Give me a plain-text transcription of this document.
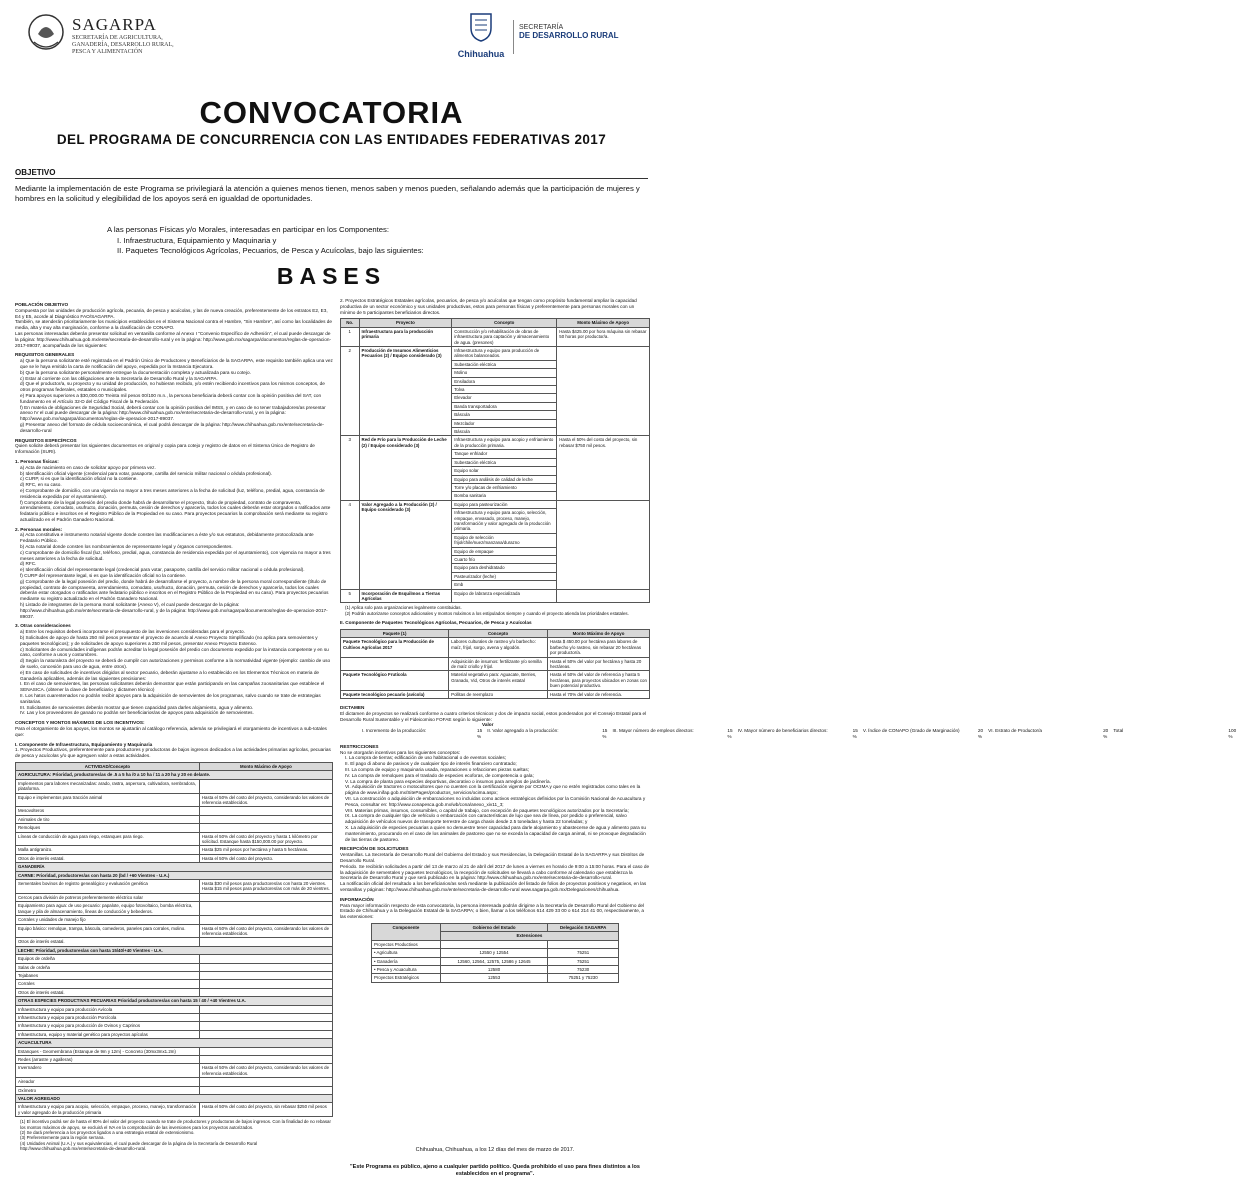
SAGARPA
SECRETARÍA DE AGRICULTURA,
GANADERÍA, DESARROLLO RURAL,
PESCA Y ALIMENTACIÓN	Chihuahua
SECRETARÍA
DE DESARROLLO RURAL
CONVOCATORIA
DEL PROGRAMA DE CONCURRENCIA CON LAS ENTIDADES FEDERATIVAS 2017
OBJETIVO
Mediante la implementación de este Programa se privilegiará la atención a quienes menos tienen, menos saben y menos pueden, señalando además que la participación de mujeres y hombres en la solicitud y elegibilidad de los apoyos será en igualdad de oportunidades.
A las personas Físicas y/o Morales, interesadas en participar en los Componentes:
I. Infraestructura, Equipamiento y Maquinaria y
II. Paquetes Tecnológicos Agrícolas, Pecuarios, de Pesca y Acuícolas, bajo las siguientes:
BASES
POBLACIÓN OBJETIVO
Compuesta por las unidades de producción agrícola, pecuaria, de pesca y acuícolas, y las de nueva creación, preferentemente de los estratos E2, E3, E4 y E5, acorde al Diagnóstico FAO/SAGARPA.
También, se atenderán prioritariamente los municipios establecidos en el Sistema Nacional contra el Hambre, "Sin Hambre", así como las localidades de media, alta y muy alta marginación, conforme a la clasificación de CONAPO.
Las personas interesadas deberán presentar solicitud en ventanilla conforme al Anexo I "Convenio Específico de Adhesión", el cual puede descargar de la página: http://www.chihuahua.gob.mx/ente/secretaria-de-desarrollo-rural y en la página: http://www.gob.mx/sagarpa/documentos/reglas-de-operacion-2017-89037, acompañada de los siguientes:
REQUISITOS GENERALES
a) Que la persona solicitante esté registrada en el Padrón Único de Productores y Beneficiarios de la SAGARPA, este requisito también aplica una vez que se le haya emitido la carta de notificación del apoyo, expedida por la Instancia Ejecutora.
b) Que la persona solicitante personalmente entregue la documentación completa y actualizada para su cotejo.
c) Estar al corriente con las obligaciones ante la Secretaría de Desarrollo Rural y la SAGARPA.
d) Que el productor/a, su proyecto y su unidad de producción, no hubieran recibido, y/o estén recibiendo incentivos para los mismos conceptos, de otros programas federales, estatales o municipales.
e) Para apoyos superiores a $30,000.00 Treinta mil pesos 00/100 m.n., la persona beneficiaria deberá contar con la opinión positiva del SAT, con fundamento en el Artículo 32-D del Código Fiscal de la Federación.
f) En materia de obligaciones de Seguridad Social, deberá contar con la opinión positiva del IMSS, y en caso de no tener trabajadores/as presentar anexo IV el cual puede descargar de la página: http://www.chihuahua.gob.mx/ente/secretaria-de-desarrollo-rural, y en la página: http://www.gob.mx/sagarpa/documentos/reglas-de-operacion-2017-89037.
g) Presentar anexo del formato de cédula socioeconómica, el cual podrá descargar de la página: http://www.chihuahua.gob.mx/ente/secretaria-de-desarrollo-rural
REQUISITOS ESPECÍFICOS
Quien solicite deberá presentar los siguientes documentos en original y copia para cotejo y registro de datos en el Sistema Único de Registro de Información (SURI).
1. Personas físicas:
a) Acta de nacimiento en caso de solicitar apoyo por primera vez.
b) Identificación oficial vigente (credencial para votar, pasaporte, cartilla del servicio militar nacional o cédula profesional).
c) CURP, si es que la identificación oficial no la contiene.
d) RFC, en su caso.
e) Comprobante de domicilio, con una vigencia no mayor a tres meses anteriores a la fecha de solicitud (luz, teléfono, predial, agua, constancia de residencia expedida por el ayuntamiento).
f) Comprobante de la legal posesión del predio donde habrá de desarrollarse el proyecto, título de propiedad, contrato de compraventa, arrendamiento, comodato, usufructo, donación, permuta, cesión de derechos y aparcería, todos los cuales deberán estar otorgados o ratificados ante fedatario público e inscritos en el Registro Público de la Propiedad en su caso. Para proyectos pecuarios la comprobación será mediante su registro actualizado en el Padrón Ganadero Nacional.
2. Personas morales:
a) Acta constitutiva e instrumento notarial vigente donde consten las modificaciones a éste y/o sus estatutos, debidamente protocolizada ante Fedatario Público.
b) Acta notarial donde consten los nombramientos de representante legal y órganos correspondientes.
c) Comprobante de domicilio fiscal (luz, teléfono, predial, agua, constancia de residencia expedida por el ayuntamiento), con vigencia no mayor a tres meses anteriores a la fecha de solicitud.
d) RFC.
e) Identificación oficial del representante legal (credencial para votar, pasaporte, cartilla del servicio militar nacional o cédula profesional).
f) CURP del representante legal, si es que la identificación oficial no la contiene.
g) Comprobante de la legal posesión del predio, donde habrá de desarrollarse el proyecto, a nombre de la persona moral correspondiente (título de propiedad, contrato de compraventa, arrendamiento, comodato, usufructo, donación, permuta, cesión de derechos y aparcería, todos los cuales deberán estar otorgados o ratificados ante fedatario público e inscritos en el Registro Público de la Propiedad en su caso). Para proyectos pecuarios mediante su registro actualizado en el Padrón Ganadero Nacional.
h) Listado de integrantes de la persona moral solicitante (Anexo V), el cual puede descargar de la página: http://www.chihuahua.gob.mx/ente/secretaria-de-desarrollo-rural, y de la página: http://www.gob.mx/sagarpa/documentos/reglas-de-operacion-2017-89037.
3. Otras consideraciones
a) Entre los requisitos deberá incorporarse el presupuesto de las inversiones consideradas para el proyecto.
b) Solicitudes de apoyo de hasta 250 mil pesos presentar el proyecto de acuerdo al Anexo Proyecto Simplificado (no aplica para semovientes y paquetes tecnológicos); y de solicitudes de apoyo superiores a 250 mil pesos, presentar Anexo Proyecto Extenso.
c) Solicitantes de comunidades indígenas podrán acreditar la legal posesión del predio con documento expedido por la instancia competente y en su caso, conforme a usos y costumbres.
d) Según la naturaleza del proyecto se deberá de cumplir con autorizaciones y permisos conforme a la normatividad vigente (ejemplo: cambio de uso de suelo, concesión para uso de agua, entre otros).
e) En caso de solicitudes de incentivos dirigidos al sector pecuario, deberán ajustarse a lo establecido en los Elementos Técnicos en materia de Ganadería aplicables, además de las siguientes precisiones:
I. En el caso de semovientes, las personas solicitantes deberán demostrar que están participando en las campañas zoosanitarias que establece el SENASICA. (obtener la clave de beneficiario y dictamen técnico)
II. Los hatos cuarentenados no podrán recibir apoyos para la adquisición de semovientes de los programas, salvo cuando se trate de estrategias sanitarias.
III. Solicitantes de semovientes deberán mostrar que tienen capacidad para darles alojamiento, agua y alimento.
IV. Las y los proveedores de ganado no podrán ser beneficiarios/as de apoyos para adquisición de semovientes.
CONCEPTOS Y MONTOS MÁXIMOS DE LOS INCENTIVOS:
Para el otorgamiento de los apoyos, los montos se ajustarán al catálogo referencia, además se privilegiará el otorgamiento de incentivos a sub-totales que:
I. Componente de Infraestructura, Equipamiento y Maquinaria
1. Proyectos Productivos, preferentemente para productores y productoras de bajos ingresos dedicados a las actividades primarias agrícolas, pecuarias de pesca y acuícolas y/o que agreguen valor a estas actividades.
ACTIVIDAD/Concepto	Monto Máximo de Apoyo
AGRICULTURA: Prioridad, productores/as de .5 a 5 ha /0 a 10 ha / 11 a 20 ha y 20 en delante.	
Implementos para labores mecanizadas: arado, rastra, aspersora, cultivadora, sembradora, plataforma.	
Equipo e implementos para tracción animal	Hasta el 50% del costo del proyecto, considerando los valores de referencia establecidos.
Mesovolteros	
Animales de tiro	
Remolques	
Líneas de conducción de agua para riego, estanques para riego.	Hasta el 50% del costo del proyecto y hasta 1 kilómetro por solicitud. Estanque hasta $150,000.00 por proyecto.
Malla antigranizo.	Hasta $25 mil pesos por hectárea y hasta 5 hectáreas.
Otros de interés estatal.	Hasta el 50% del costo del proyecto.
GANADERÍA	
CARNE: Prioridad, productores/as con hasta 20 (bd / +60 Vientres - U.A.)	
Sementales bovinos de registro genealógico y evaluación genética	Hasta $30 mil pesos para productores/as con hasta 20 vientres. Hasta $15 mil pesos para productores/as con más de 20 vientres.
Cercos para división de potreros preferentemente eléctrico solar	
Equipamiento para agua: de uso pecuario: papalote, equipo fotovoltaico, bomba eléctrica, tanque y pila de almacenamiento, líneas de conducción y bebederos.	
Corrales y unidades de manejo fijo	
Equipo básico: remolque, trampa, báscula, comederos, paneles para corrales, molino.	Hasta el 50% del costo del proyecto, considerando los valores de referencia establecidos.
Otros de interés estatal.	
LECHE: Prioridad, productores/as con hasta 15/40/+40 Vientres - U.A.	
Equipos de ordeña	
Salas de ordeña	
Tejabanes	
Corrales	
Otros de interés estatal.	
OTRAS ESPECIES PRODUCTIVAS PECUARIAS Prioridad productores/as con hasta 15 / 40 / +40 Vientres U.A.	
Infraestructura y equipo para producción Avícola	
Infraestructura y equipo para producción Porcícola	
Infraestructura y equipo para producción de Ovinos y Caprinos	
Infraestructura, equipo y material genético para proyectos apícolas	
ACUACULTURA	
Estanques - Geomembrana (Estanque de 9m y 12m) - Concreto (30mx3mx1.2m)	
Redes (arrastre y agalleras)	
Invernadero	Hasta el 50% del costo del proyecto, considerando los valores de referencia establecidos.
Aireador	
Oxímetro	
VALOR AGREGADO	
Infraestructura y equipo para acopio, selección, empaque, proceso, manejo, transformación y valor agregado de la producción primaria	Hasta el 50% del costo del proyecto, sin rebasar $250 mil pesos
(1) El incentivo podrá ser de hasta el 80% del valor del proyecto cuando se trate de productores y productoras de bajos ingresos. Con la finalidad de no rebasar los montos máximos de apoyo, se excluirá el IVA en la comprobación de las inversiones para los proyectos autorizados.
(2) Se dará preferencia a los proyectos ligados a una estrategia estatal de extensionismo.
(3) Preferentemente para la región serrana.
(4) Unidades Animal (U.A.) y sus equivalencias, el cual puede descargar de la página de la Secretaría de Desarrollo Rural http://www.chihuahua.gob.mx/ente/secretaria-de-desarrollo-rural.
2. Proyectos Estratégicos Estatales agrícolas, pecuarios, de pesca y/o acuícolas que tengan como propósito fundamental ampliar la capacidad productiva de un sector económico y sus unidades productivas, estos para personas físicas y preferentemente para personas morales con un mínimo de 5 participantes beneficiarios directos.
No.	Proyecto	Concepto	Monto Máximo de Apoyo
1	Infraestructura para la producción primaria	Construcción y/o rehabilitación de obras de infraestructura para captación y almacenamiento de agua. (presones)	Hasta $425.00 por hora máquina sin rebasar 50 horas por productor/a.
2	Producción de Insumos Alimenticios Pecuarios (2) / Equipo considerado (3)	Infraestructura y equipo para producción de alimentos balanceados.	
		Subestación eléctrica	
		Molino	
		Ensiladora	
		Tolva	
		Elevador	
		Banda transportadora	
		Báscula	
		Mezclador	
		Báscula	
3	Red de Frío para la Producción de Leche (2) / Equipo considerado (3)	Infraestructura y equipo para acopio y enfriamiento de la producción primaria.	Hasta el 50% del costo del proyecto, sin rebasar $750 mil pesos.
		Tanque enfriador	
		Subestación eléctrica	
		Equipo solar	
		Equipo para análisis de calidad de leche	
		Torre y/o placas de enfriamiento	
		Bomba sanitaria	
4	Valor Agregado a la Producción (2) / Equipo considerado (3)	Equipo para pasteurización	
		Infraestructura y equipo para acopio, selección, empaque, envasado, proceso, manejo, transformación y valor agregado de la producción primaria.	
		Equipo de selección frijol/chile/nuez/manzana/durazno	
		Equipo de empaque	
		Cuarto frío	
		Equipo para deshidratado	
		Pasteurizador (leche)	
		Emb	
5	Incorporación de Esquilmos a Tierras Agrícolas	Equipo de labranza especializada	
(1) Aplica solo para organizaciones legalmente constituidas.
(2) Podrán autorizarse conceptos adicionales y montos máximos a los estipulados siempre y cuando el proyecto atienda las prioridades estatales.
II. Componente de Paquetes Tecnológicos Agrícolas, Pecuarios, de Pesca y Acuícolas
Paquete (1)	Concepto	Monto Máximo de Apoyo
Paquete Tecnológico para la Producción de Cultivos Agrícolas 2017	Labores culturales de rastreo y/o barbecho: maíz, frijol, sorgo, avena y algodón.	Hasta $ 450.00 por hectárea para labores de barbecho y/o rastreo, sin rebasar 20 hectáreas por productor/a.
	Adquisición de insumos: fertilizante y/o semilla de maíz criollo y frijol.	Hasta el 50% del valor por hectárea y hasta 20 hectáreas.
Paquete Tecnológico Frutícola	Material vegetativo para: Aguacate, Berries, Granado, Vid, Otros de interés estatal	Hasta el 50% del valor de referencia y hasta 5 hectáreas, para proyectos ubicados en zonas con buen potencial productivo.
Paquete tecnológico pecuario (avícola)	Pollitas de reemplazo	Hasta el 70% del valor de referencia.
DICTAMEN
El dictamen de proyectos se realizará conforme a cuatro criterios técnicos y dos de impacto social, estos ponderados por el Consejo Estatal para el Desarrollo Rural Sustentable y el Fideicomiso FOFAE según lo siguiente:
Valor
I. Incremento de la producción:	15 %
II. Valor agregado a la producción:	15 %
III. Mayor número de empleos directos:	15 %
IV. Mayor número de beneficiarios directos:	15 %
V. Índice de CONAPO (Grado de Marginación)	20 %
VI. Estrato de Productor/a	20 %
Total	100 %
RESTRICCIONES
No se otorgarán incentivos para los siguientes conceptos:
I. La compra de tierras; edificación de uso habitacional o de eventos sociales;
II. El pago di abono de pasivos y de cualquier tipo de interés financiero contratado;
III. La compra de equipo y maquinaria usada, reparaciones o refacciones piezas sueltas;
IV. La compra de remolques para el traslado de especies ecoforas, de competencia o gala;
V. La compra de planta para especies deportivas, decorativo o insumos para arreglos de jardinería.
VI. Adquisición de tractores o motocultores que no cuenten con la certificación vigente por OCIMA y que no estén registrados como tales en la página de www.inifap.gob.mx/SitePages/productos_servicios/ocima.aspx;
VII. La construcción o adquisición de embarcaciones no incluidas como activos estratégicos definidos por la Comisión Nacional de Acuacultura y Pesca, consultar en: http://www.conapesca.gob.mx/wb/cona/anexo_xiv11_3;
VIII. Materias primas, insumos, consumibles, o capital de trabajo, con excepción de paquetes tecnológicos autorizados por la Secretaría;
IX. La compra de cualquier tipo de vehículo o embarcación con características de lujo que sea de línea, por pedido o preferencial, salvo adquisición de vehículos nuevos de transporte terrestre de carga chasis desde 2.5 toneladas y hasta 22 toneladas; y
X. La adquisición de especies pecuarias a quien no demuestre tener capacidad para darle alojamiento y abastecerse de agua y alimento para su mantenimiento, procurando en el caso de los animales de pastoreo que no se exceda la capacidad de carga animal, ni se provoque degradación de las tierras de pastoreo.
RECEPCIÓN DE SOLICITUDES
Ventanillas. La Secretaría de Desarrollo Rural del Gobierno del Estado y sus Residencias, la Delegación Estatal de la SAGARPA y sus Distritos de Desarrollo Rural.
Periodo. Se recibirán solicitudes a partir del 13 de marzo al 21 de abril del 2017 de lunes a viernes en horario de 9:00 a 15:00 horas. Para el caso de la adquisición de sementales y paquetes tecnológicos, la recepción de solicitudes se llevará a cabo conforme al calendario que establezca la Secretaría de Desarrollo Rural y que será publicado en la página: http://www.chihuahua.gob.mx/ente/secretaria-de-desarrollo-rural.
La notificación oficial del resultado a los beneficiarios/as será mediante la publicación del listado de folios de proyectos positivos y negativos, en las ventanillas y páginas: http://www.chihuahua.gob.mx/ente/secretaria-de-desarrollo-rural www.sagarpa.gob.mx/Delegaciones/chihuahua.
INFORMACIÓN
Para mayor información respecto de esta convocatoria, la persona interesada podrán dirigirse a la Secretaría de Desarrollo Rural del Gobierno del Estado de Chihuahua y a la Delegación Estatal de la SAGARPA; o bien, llamar a los teléfonos 614 429 33 00 o 614 214 41 00, respectivamente, a las extensiones:
Componente	Gobierno del Estado	Delegación SAGARPA
	Extensiones	
Proyectos Productivos		
• Agricultura	12550 y 12554	75251
• Ganadería	12560, 12564, 12575, 12586 y 12645	75251
• Pesca y Acuacultura	12580	75230
Proyectos Estratégicos	12553	75251 y 75230
Chihuahua, Chihuahua, a los 12 días del mes de marzo de 2017.
"Este Programa es público, ajeno a cualquier partido político. Queda prohibido el uso para fines distintos a los establecidos en el programa".
